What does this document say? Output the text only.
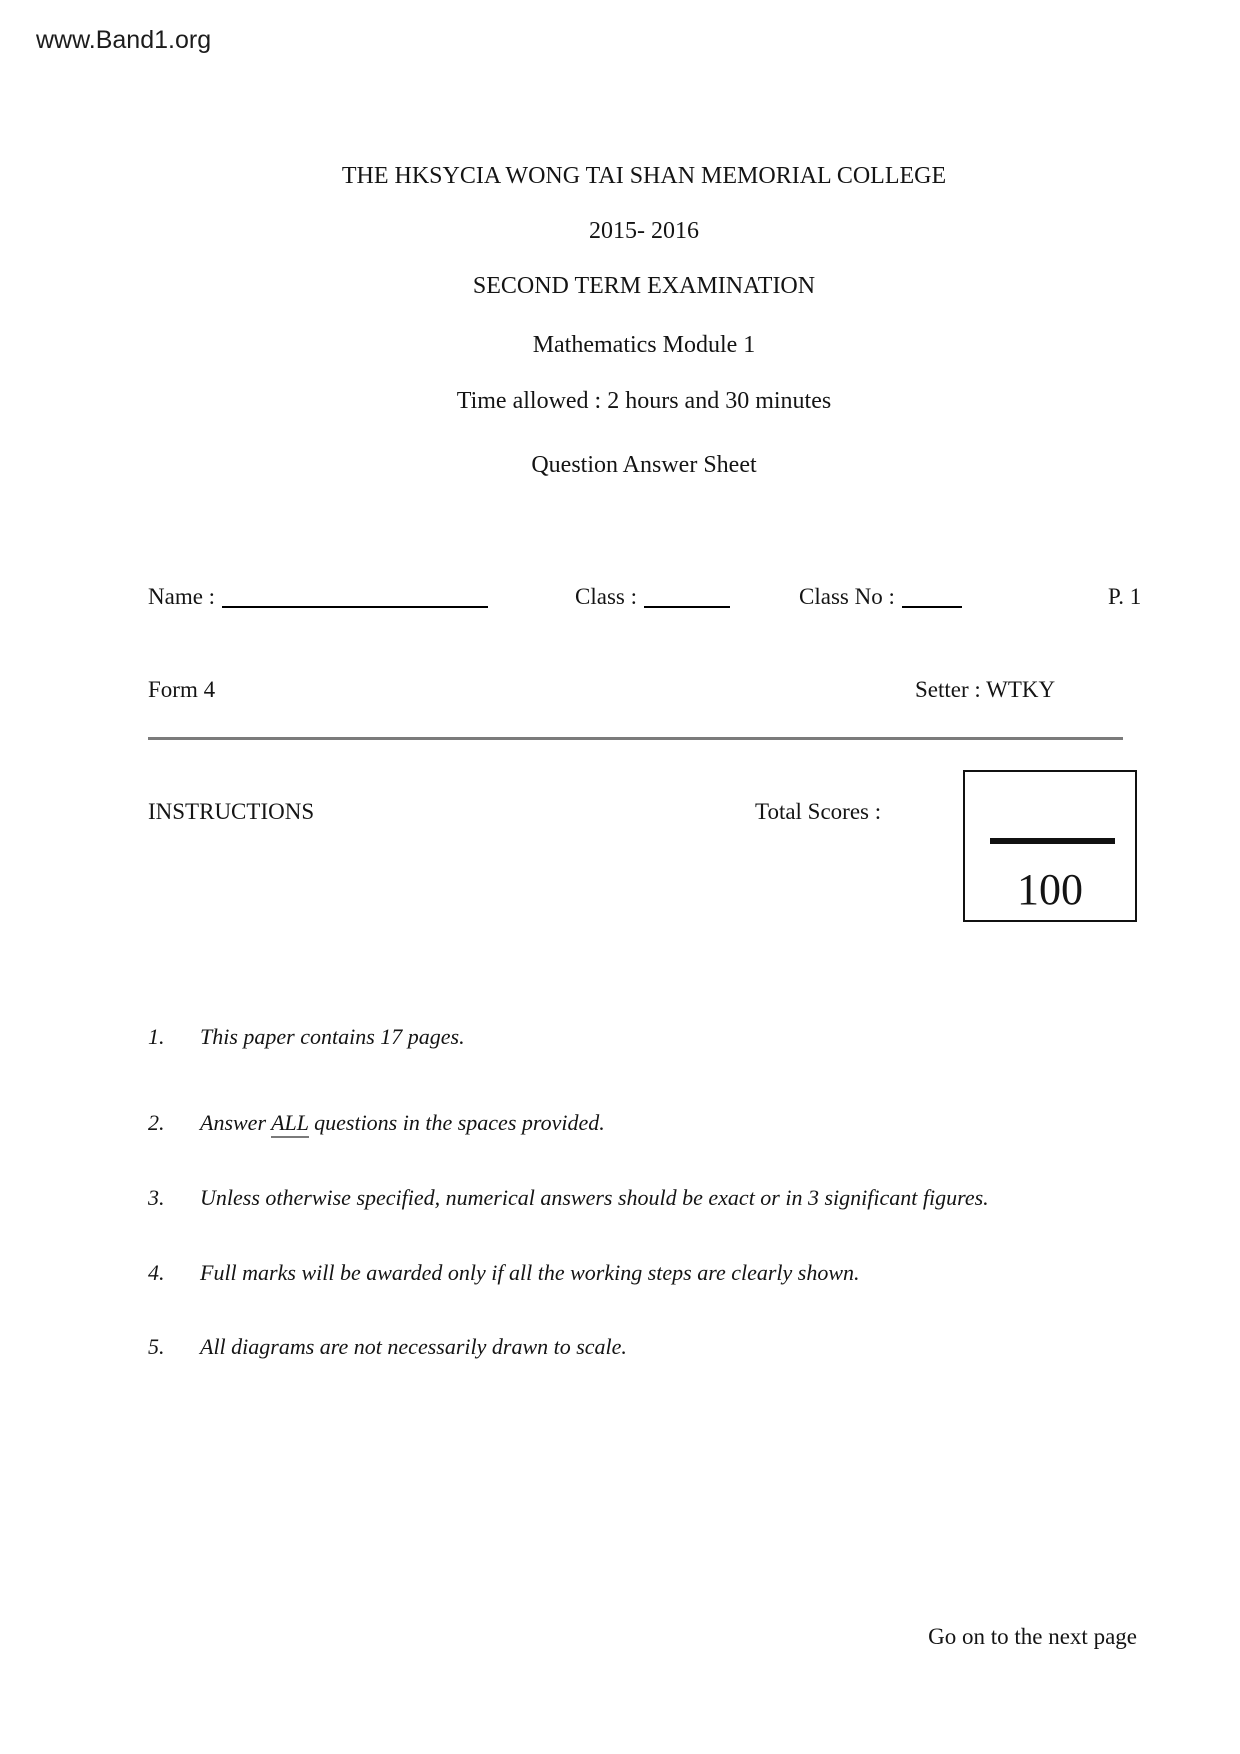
www.Band1.org
THE HKSYCIA WONG TAI SHAN MEMORIAL COLLEGE
2015- 2016
SECOND TERM EXAMINATION
Mathematics Module 1
Time allowed : 2 hours and 30 minutes
Question Answer Sheet
Name :	Class :	Class No :	P. 1
Form 4	Setter : WTKY
INSTRUCTIONS	Total Scores :
100
1. This paper contains 17 pages.
2. Answer ALL questions in the spaces provided.
3. Unless otherwise specified, numerical answers should be exact or in 3 significant figures.
4. Full marks will be awarded only if all the working steps are clearly shown.
5. All diagrams are not necessarily drawn to scale.
Go on to the next page
